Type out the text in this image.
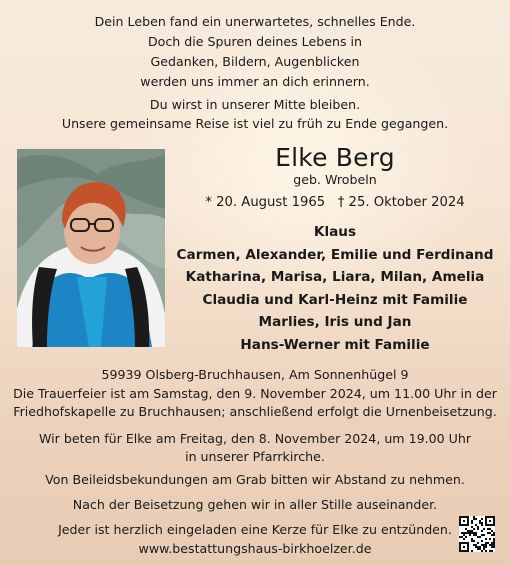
Dein Leben fand ein unerwartetes, schnelles Ende.
Doch die Spuren deines Lebens in
Gedanken, Bildern, Augenblicken
werden uns immer an dich erinnern.
Du wirst in unserer Mitte bleiben.
Unsere gemeinsame Reise ist viel zu früh zu Ende gegangen.
Elke Berg
geb. Wrobeln
* 20. August 1965   † 25. Oktober 2024
Klaus
Carmen, Alexander, Emilie und Ferdinand
Katharina, Marisa, Liara, Milan, Amelia
Claudia und Karl-Heinz mit Familie
Marlies, Iris und Jan
Hans-Werner mit Familie
59939 Olsberg-Bruchhausen, Am Sonnenhügel 9
Die Trauerfeier ist am Samstag, den 9. November 2024, um 11.00 Uhr in der
Friedhofskapelle zu Bruchhausen; anschließend erfolgt die Urnenbeisetzung.
Wir beten für Elke am Freitag, den 8. November 2024, um 19.00 Uhr
in unserer Pfarrkirche.
Von Beileidsbekundungen am Grab bitten wir Abstand zu nehmen.
Nach der Beisetzung gehen wir in aller Stille auseinander.
Jeder ist herzlich eingeladen eine Kerze für Elke zu entzünden.
www.bestattungshaus-birkhoelzer.de
